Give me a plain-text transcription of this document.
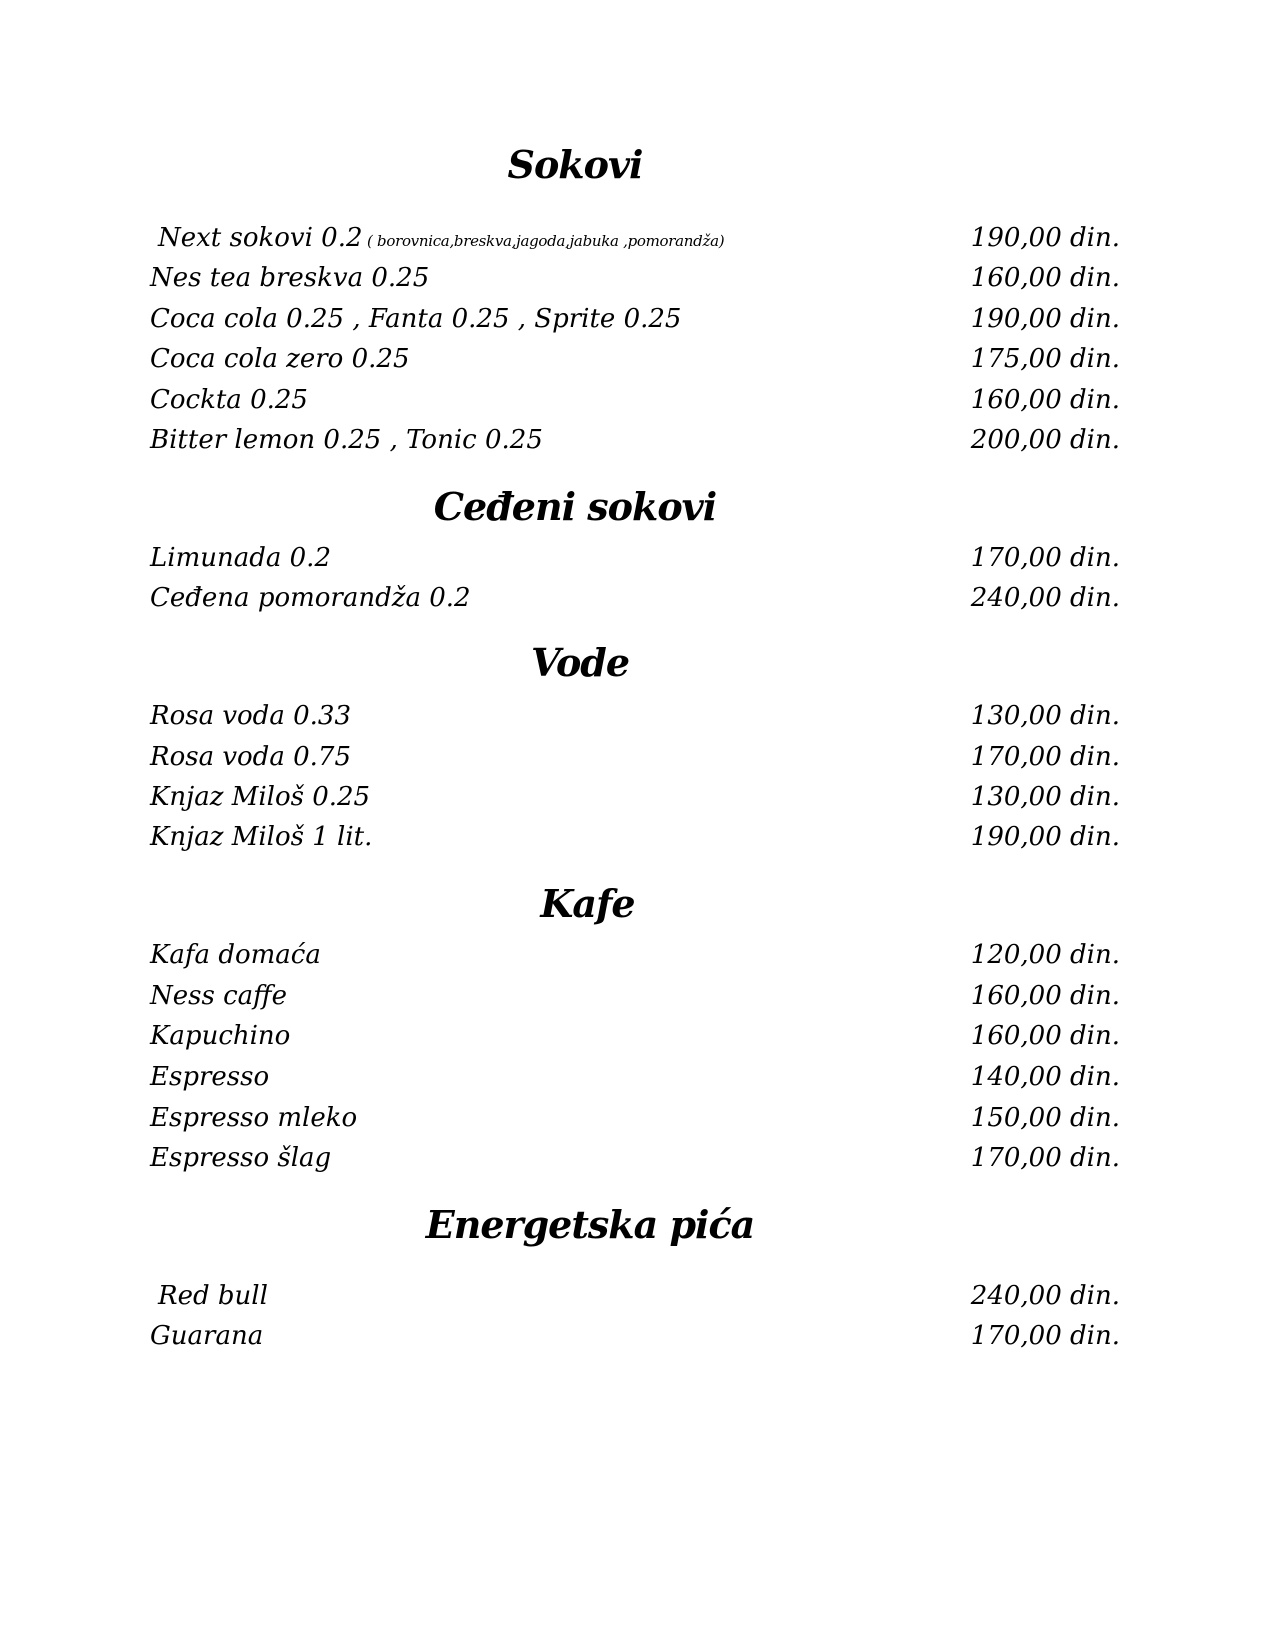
Sokovi
Next sokovi 0.2 ( borovnica,breskva,jagoda,jabuka ,pomorandža)	190,00 din.
Nes tea breskva 0.25	160,00 din.
Coca cola 0.25 , Fanta 0.25 , Sprite 0.25	190,00 din.
Coca cola zero 0.25	175,00 din.
Cockta 0.25	160,00 din.
Bitter lemon 0.25 , Tonic 0.25	200,00 din.
Ceđeni sokovi
Limunada 0.2	170,00 din.
Ceđena pomorandža 0.2	240,00 din.
Vode
Rosa voda 0.33	130,00 din.
Rosa voda 0.75	170,00 din.
Knjaz Miloš 0.25	130,00 din.
Knjaz Miloš 1 lit.	190,00 din.
Kafe
Kafa domaća	120,00 din.
Ness caffe	160,00 din.
Kapuchino	160,00 din.
Espresso	140,00 din.
Espresso mleko	150,00 din.
Espresso šlag	170,00 din.
Energetska pića
Red bull	240,00 din.
Guarana	170,00 din.
